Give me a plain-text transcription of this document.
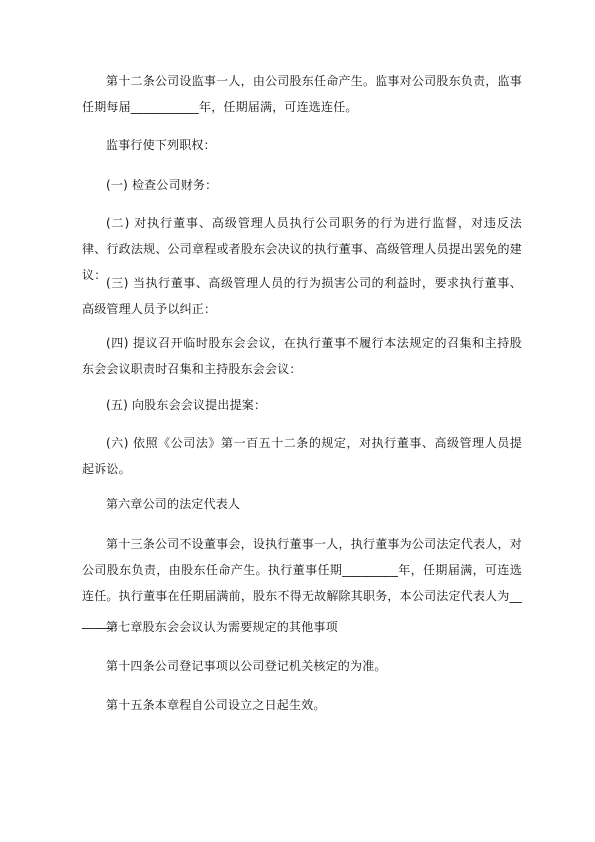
第十二条公司设监事一人，由公司股东任命产生。监事对公司股东负责，监事任期每届___________年，任期届满，可连选连任。

监事行使下列职权：

(一) 检查公司财务：

(二) 对执行董事、高级管理人员执行公司职务的行为进行监督，对违反法律、行政法规、公司章程或者股东会决议的执行董事、高级管理人员提出罢免的建议：

(三) 当执行董事、高级管理人员的行为损害公司的利益时，要求执行董事、高级管理人员予以纠正：

(四) 提议召开临时股东会会议，在执行董事不履行本法规定的召集和主持股东会会议职责时召集和主持股东会会议：

(五) 向股东会会议提出提案：

(六) 依照《公司法》第一百五十二条的规定，对执行董事、高级管理人员提起诉讼。

第六章公司的法定代表人

第十三条公司不设董事会，设执行董事一人，执行董事为公司法定代表人，对公司股东负责，由股东任命产生。执行董事任期_________年，任期届满，可连选连任。执行董事在任期届满前，股东不得无故解除其职务，本公司法定代表人为_______。

第七章股东会会议认为需要规定的其他事项

第十四条公司登记事项以公司登记机关核定的为准。

第十五条本章程自公司设立之日起生效。
